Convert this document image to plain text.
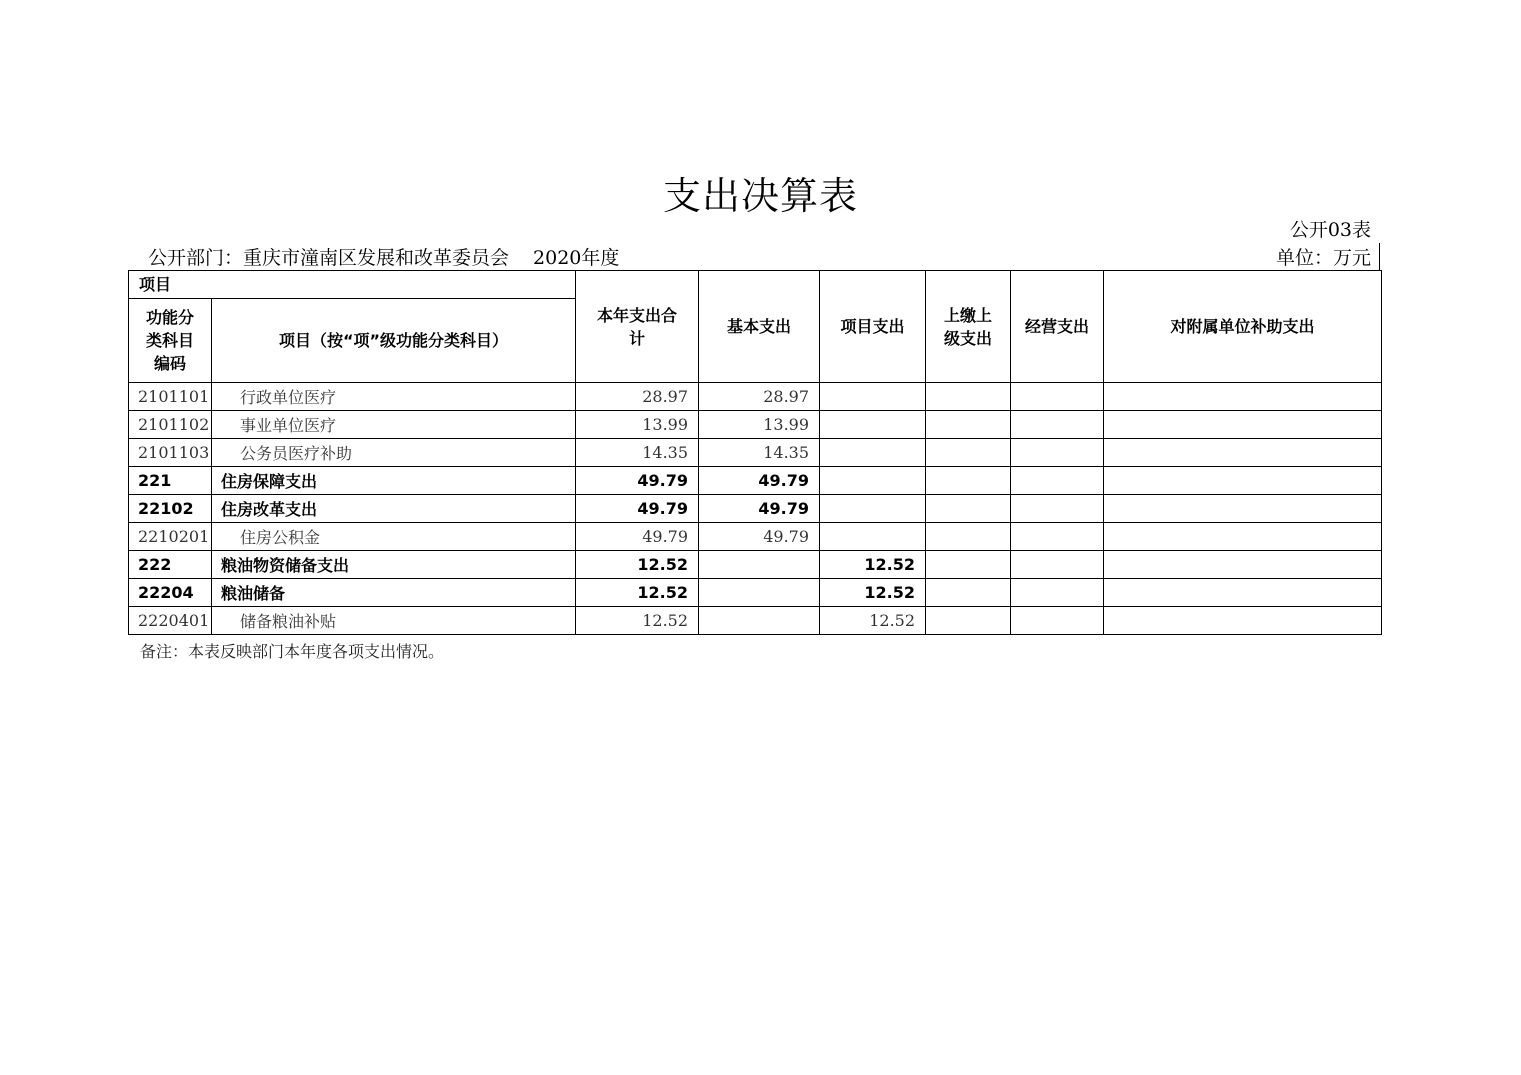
支出决算表
公开03表
公开部门：重庆市潼南区发展和改革委员会 2020年度	单位：万元
项目		本年支出合计	基本支出	项目支出	上缴上级支出	经营支出	对附属单位补助支出

功能分类科目编码	项目（按“项”级功能分类科目）						
2101101	行政单位医疗	28.97	28.97				
2101102	事业单位医疗	13.99	13.99				
2101103	公务员医疗补助	14.35	14.35				
221	住房保障支出	49.79	49.79				
22102	住房改革支出	49.79	49.79				
2210201	住房公积金	49.79	49.79				
222	粮油物资储备支出	12.52		12.52			
22204	粮油储备	12.52		12.52			
2220401	储备粮油补贴	12.52		12.52			
备注：本表反映部门本年度各项支出情况。
